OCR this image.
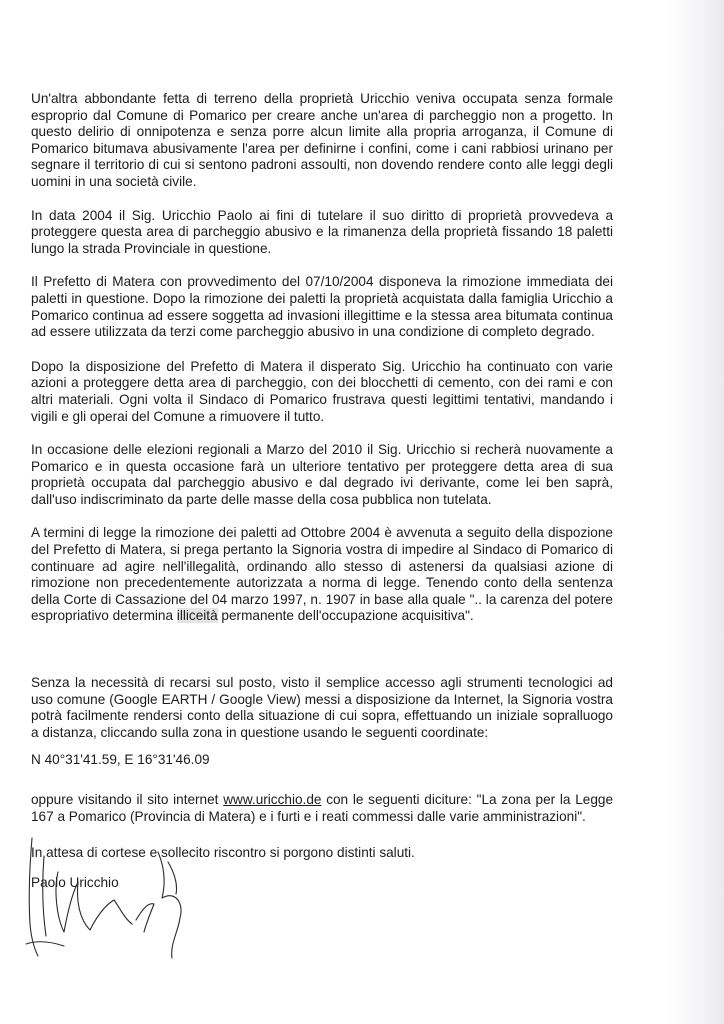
Un'altra abbondante fetta di terreno della proprietà Uricchio veniva occupata senza formale esproprio dal Comune di Pomarico per creare anche un'area di parcheggio non a progetto. In questo delirio di onnipotenza e senza porre alcun limite alla propria arroganza, il Comune di Pomarico bitumava abusivamente l'area per definirne i confini, come i cani rabbiosi urinano per segnare il territorio di cui si sentono padroni assoulti, non dovendo rendere conto alle leggi degli uomini in una società civile.

In data 2004 il Sig. Uricchio Paolo ai fini di tutelare il suo diritto di proprietà provvedeva a proteggere questa area di parcheggio abusivo e la rimanenza della proprietà fissando 18 paletti lungo la strada Provinciale in questione.

Il Prefetto di Matera con provvedimento del 07/10/2004 disponeva la rimozione immediata dei paletti in questione. Dopo la rimozione dei paletti la proprietà acquistata dalla famiglia Uricchio a Pomarico continua ad essere soggetta ad invasioni illegittime e la stessa area bitumata continua ad essere utilizzata da terzi come parcheggio abusivo in una condizione di completo degrado.

Dopo la disposizione del Prefetto di Matera il disperato Sig. Uricchio ha continuato con varie azioni a proteggere detta area di parcheggio, con dei blocchetti di cemento, con dei rami e con altri materiali. Ogni volta il Sindaco di Pomarico frustrava questi legittimi tentativi, mandando i vigili e gli operai del Comune a rimuovere il tutto.

In occasione delle elezioni regionali a Marzo del 2010 il Sig. Uricchio si recherà nuovamente a Pomarico e in questa occasione farà un ulteriore tentativo per proteggere detta area di sua proprietà occupata dal parcheggio abusivo e dal degrado ivi derivante, come lei ben saprà, dall'uso indiscriminato da parte delle masse della cosa pubblica non tutelata.

A termini di legge la rimozione dei paletti ad Ottobre 2004 è avvenuta a seguito della dispozione del Prefetto di Matera, si prega pertanto la Signoria vostra di impedire al Sindaco di Pomarico di continuare ad agire nell'illegalità, ordinando allo stesso di astenersi da qualsiasi azione di rimozione non precedentemente autorizzata a norma di legge. Tenendo conto della sentenza della Corte di Cassazione del 04 marzo 1997, n. 1907 in base alla quale ".. la carenza del potere espropriativo determina illiceità permanente dell'occupazione acquisitiva".

Senza la necessità di recarsi sul posto, visto il semplice accesso agli strumenti tecnologici ad uso comune (Google EARTH / Google View) messi a disposizione da Internet, la Signoria vostra potrà facilmente rendersi conto della situazione di cui sopra, effettuando un iniziale sopralluogo a distanza, cliccando sulla zona in questione usando le seguenti coordinate:

N 40°31'41.59, E 16°31'46.09

oppure visitando il sito internet www.uricchio.de con le seguenti diciture: "La zona per la Legge 167 a Pomarico (Provincia di Matera) e i furti e i reati commessi dalle varie amministrazioni".

In attesa di cortese e sollecito riscontro si porgono distinti saluti.

Paolo Uricchio
